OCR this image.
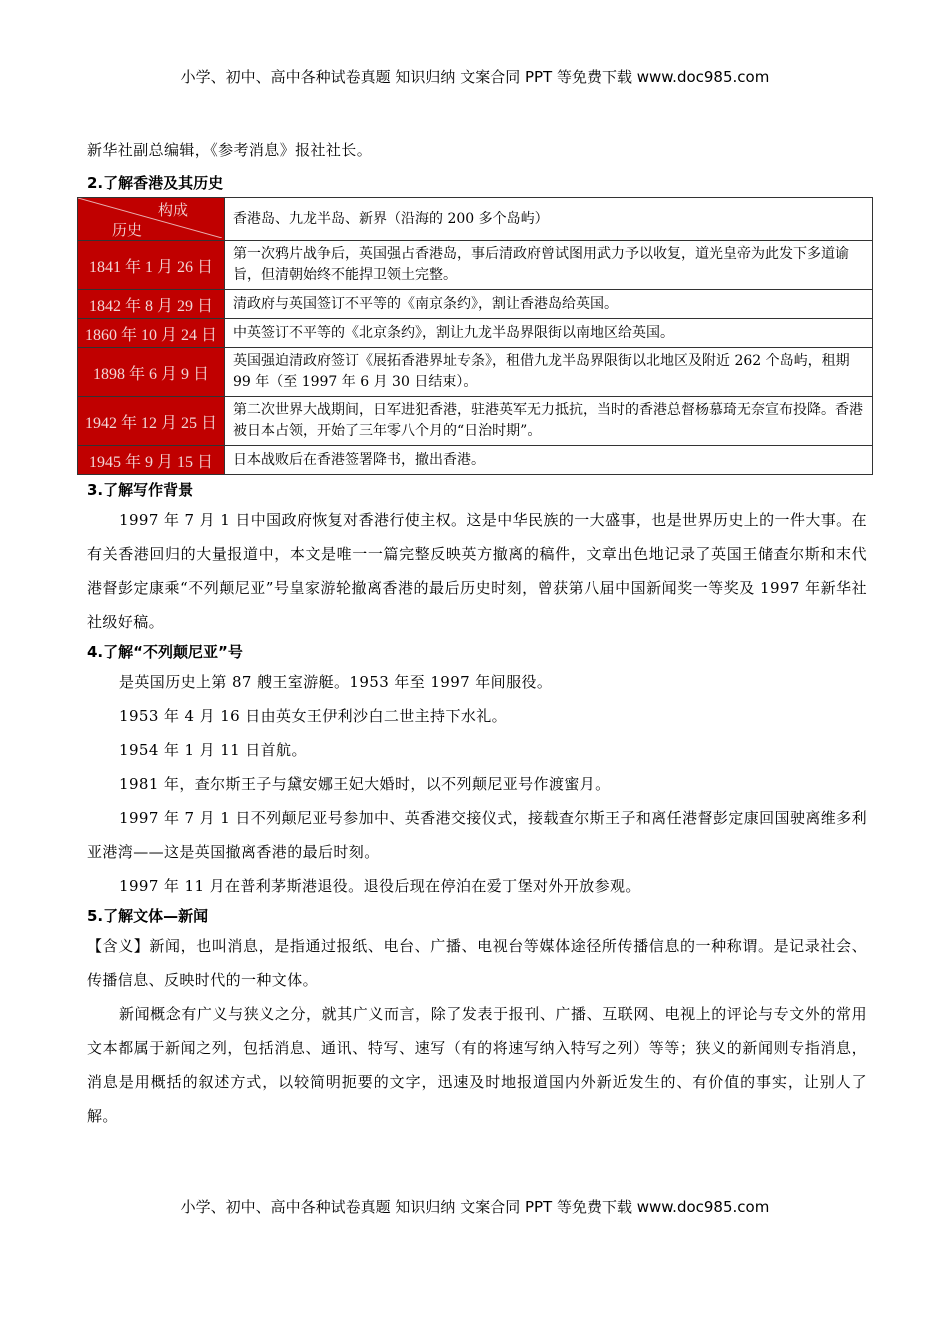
小学、初中、高中各种试卷真题 知识归纳 文案合同 PPT 等免费下载 www.doc985.com

新华社副总编辑，《参考消息》报社社长。

2.了解香港及其历史

构成
历史	香港岛、九龙半岛、新界（沿海的 200 多个岛屿）
1841 年 1 月 26 日	第一次鸦片战争后，英国强占香港岛，事后清政府曾试图用武力予以收复，道光皇帝为此发下多道谕旨，但清朝始终不能捍卫领土完整。
1842 年 8 月 29 日	清政府与英国签订不平等的《南京条约》，割让香港岛给英国。
1860 年 10 月 24 日	中英签订不平等的《北京条约》，割让九龙半岛界限街以南地区给英国。
1898 年 6 月 9 日	英国强迫清政府签订《展拓香港界址专条》，租借九龙半岛界限街以北地区及附近 262 个岛屿，租期 99 年（至 1997 年 6 月 30 日结束）。
1942 年 12 月 25 日	第二次世界大战期间，日军进犯香港，驻港英军无力抵抗，当时的香港总督杨慕琦无奈宣布投降。香港被日本占领，开始了三年零八个月的“日治时期”。
1945 年 9 月 15 日	日本战败后在香港签署降书，撤出香港。

3.了解写作背景

1997 年 7 月 1 日中国政府恢复对香港行使主权。这是中华民族的一大盛事，也是世界历史上的一件大事。在有关香港回归的大量报道中，本文是唯一一篇完整反映英方撤离的稿件，文章出色地记录了英国王储查尔斯和末代港督彭定康乘“不列颠尼亚”号皇家游轮撤离香港的最后历史时刻，曾获第八届中国新闻奖一等奖及 1997 年新华社社级好稿。

4.了解“不列颠尼亚”号

是英国历史上第 87 艘王室游艇。1953 年至 1997 年间服役。

1953 年 4 月 16 日由英女王伊利沙白二世主持下水礼。

1954 年 1 月 11 日首航。

1981 年，查尔斯王子与黛安娜王妃大婚时，以不列颠尼亚号作渡蜜月。

1997 年 7 月 1 日不列颠尼亚号参加中、英香港交接仪式，接载查尔斯王子和离任港督彭定康回国驶离维多利亚港湾——这是英国撤离香港的最后时刻。

1997 年 11 月在普利茅斯港退役。退役后现在停泊在爱丁堡对外开放参观。

5.了解文体—新闻

【含义】新闻，也叫消息，是指通过报纸、电台、广播、电视台等媒体途径所传播信息的一种称谓。是记录社会、传播信息、反映时代的一种文体。

新闻概念有广义与狭义之分，就其广义而言，除了发表于报刊、广播、互联网、电视上的评论与专文外的常用文本都属于新闻之列，包括消息、通讯、特写、速写（有的将速写纳入特写之列）等等；狭义的新闻则专指消息，消息是用概括的叙述方式，以较简明扼要的文字，迅速及时地报道国内外新近发生的、有价值的事实，让别人了解。

小学、初中、高中各种试卷真题 知识归纳 文案合同 PPT 等免费下载 www.doc985.com
